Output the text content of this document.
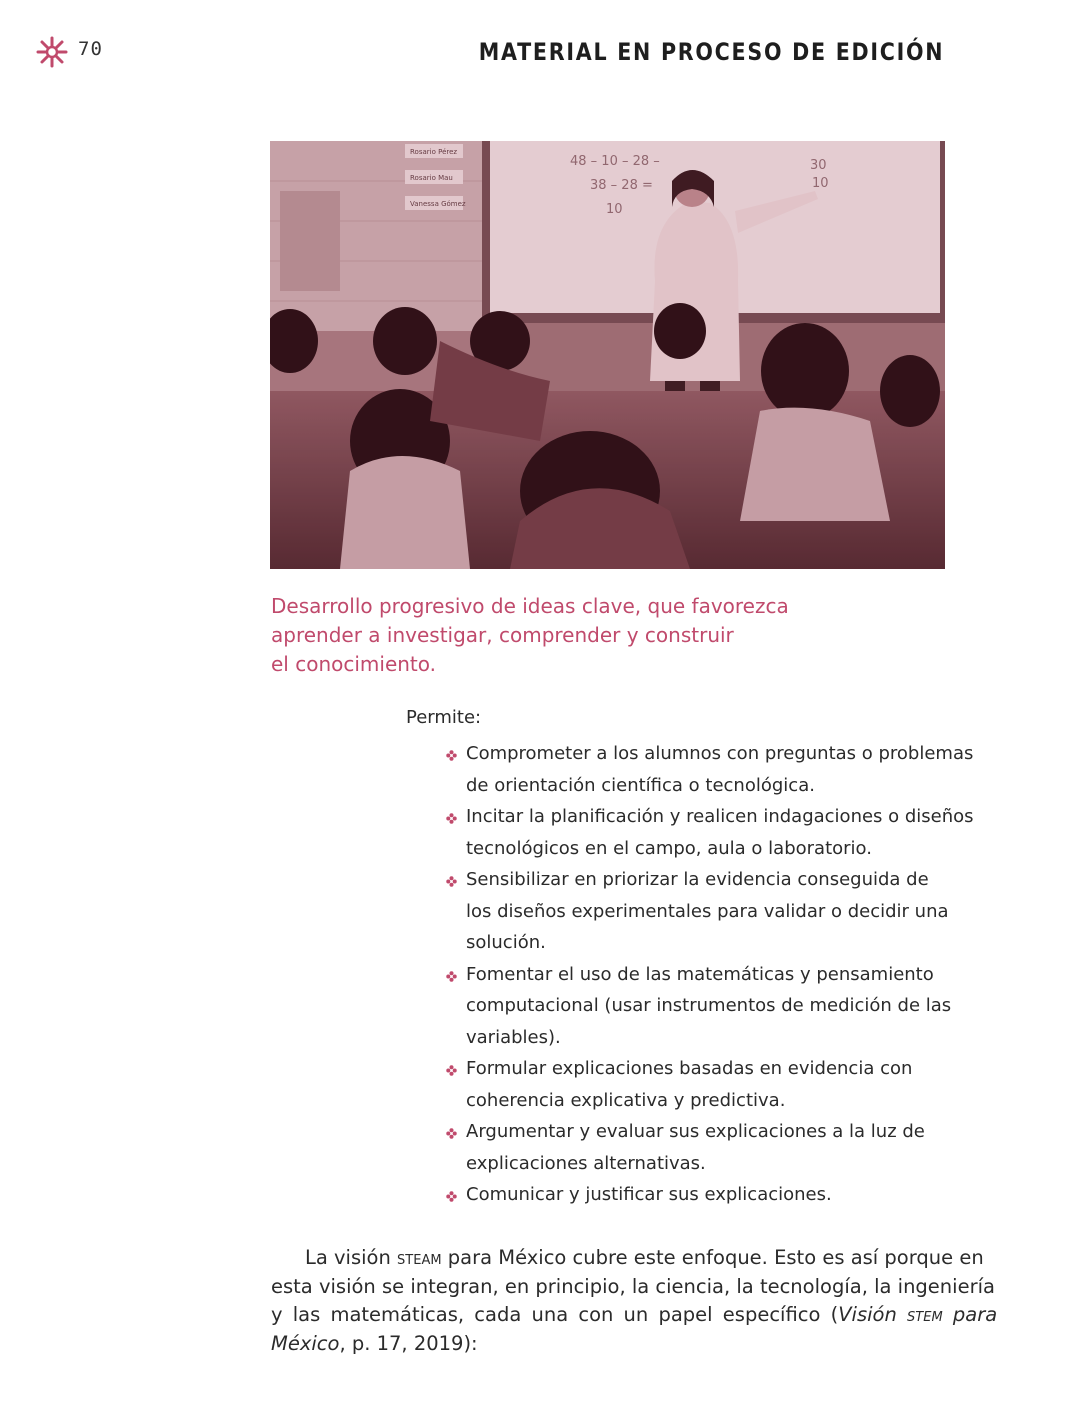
70	MATERIAL EN PROCESO DE EDICIÓN
Rosario Pérez
Rosario Mau
Vanessa Gómez
48 – 10 – 28 –
38 – 28 =
10
30
10
Desarrollo progresivo de ideas clave, que favorezca
aprender a investigar, comprender y construir
el conocimiento.
Permite:
Comprometer a los alumnos con preguntas o problemas
de orientación científica o tecnológica.
Incitar la planificación y realicen indagaciones o diseños
tecnológicos en el campo, aula o laboratorio.
Sensibilizar en priorizar la evidencia conseguida de
los diseños experimentales para validar o decidir una
solución.
Fomentar el uso de las matemáticas y pensamiento
computacional (usar instrumentos de medición de las
variables).
Formular explicaciones basadas en evidencia con
coherencia explicativa y predictiva.
Argumentar y evaluar sus explicaciones a la luz de
explicaciones alternativas.
Comunicar y justificar sus explicaciones.
La visión steam para México cubre este enfoque. Esto es así porque en
esta visión se integran, en principio, la ciencia, la tecnología, la ingeniería
y las matemáticas, cada una con un papel específico (Visión stem para
México, p. 17, 2019):
